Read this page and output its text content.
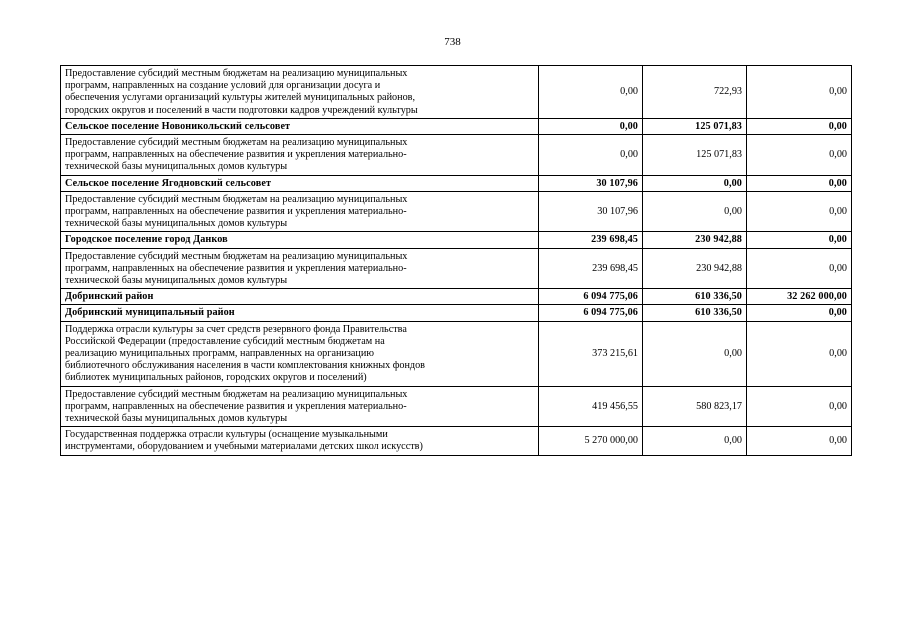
738
Предоставление субсидий местным бюджетам на реализацию муниципальных
программ, направленных на создание условий для организации досуга и
обеспечения услугами организаций культуры жителей муниципальных районов,
городских округов и поселений в части подготовки кадров учреждений культуры	0,00	722,93	0,00
Сельское поселение Новоникольский сельсовет	0,00	125 071,83	0,00
Предоставление субсидий местным бюджетам на реализацию муниципальных
программ, направленных на обеспечение развития и укрепления материально-
технической базы муниципальных домов культуры	0,00	125 071,83	0,00
Сельское поселение Ягодновский сельсовет	30 107,96	0,00	0,00
Предоставление субсидий местным бюджетам на реализацию муниципальных
программ, направленных на обеспечение развития и укрепления материально-
технической базы муниципальных домов культуры	30 107,96	0,00	0,00
Городское поселение город Данков	239 698,45	230 942,88	0,00
Предоставление субсидий местным бюджетам на реализацию муниципальных
программ, направленных на обеспечение развития и укрепления материально-
технической базы муниципальных домов культуры	239 698,45	230 942,88	0,00
Добринский район	6 094 775,06	610 336,50	32 262 000,00
Добринский муниципальный район	6 094 775,06	610 336,50	0,00
Поддержка отрасли культуры за счет средств резервного фонда Правительства
Российской Федерации (предоставление субсидий местным бюджетам на
реализацию муниципальных программ, направленных на организацию
библиотечного обслуживания населения в части комплектования книжных фондов
библиотек муниципальных районов, городских округов и поселений)	373 215,61	0,00	0,00
Предоставление субсидий местным бюджетам на реализацию муниципальных
программ, направленных на обеспечение развития и укрепления материально-
технической базы муниципальных домов культуры	419 456,55	580 823,17	0,00
Государственная поддержка отрасли культуры (оснащение музыкальными
инструментами, оборудованием и учебными материалами детских школ искусств)	5 270 000,00	0,00	0,00
